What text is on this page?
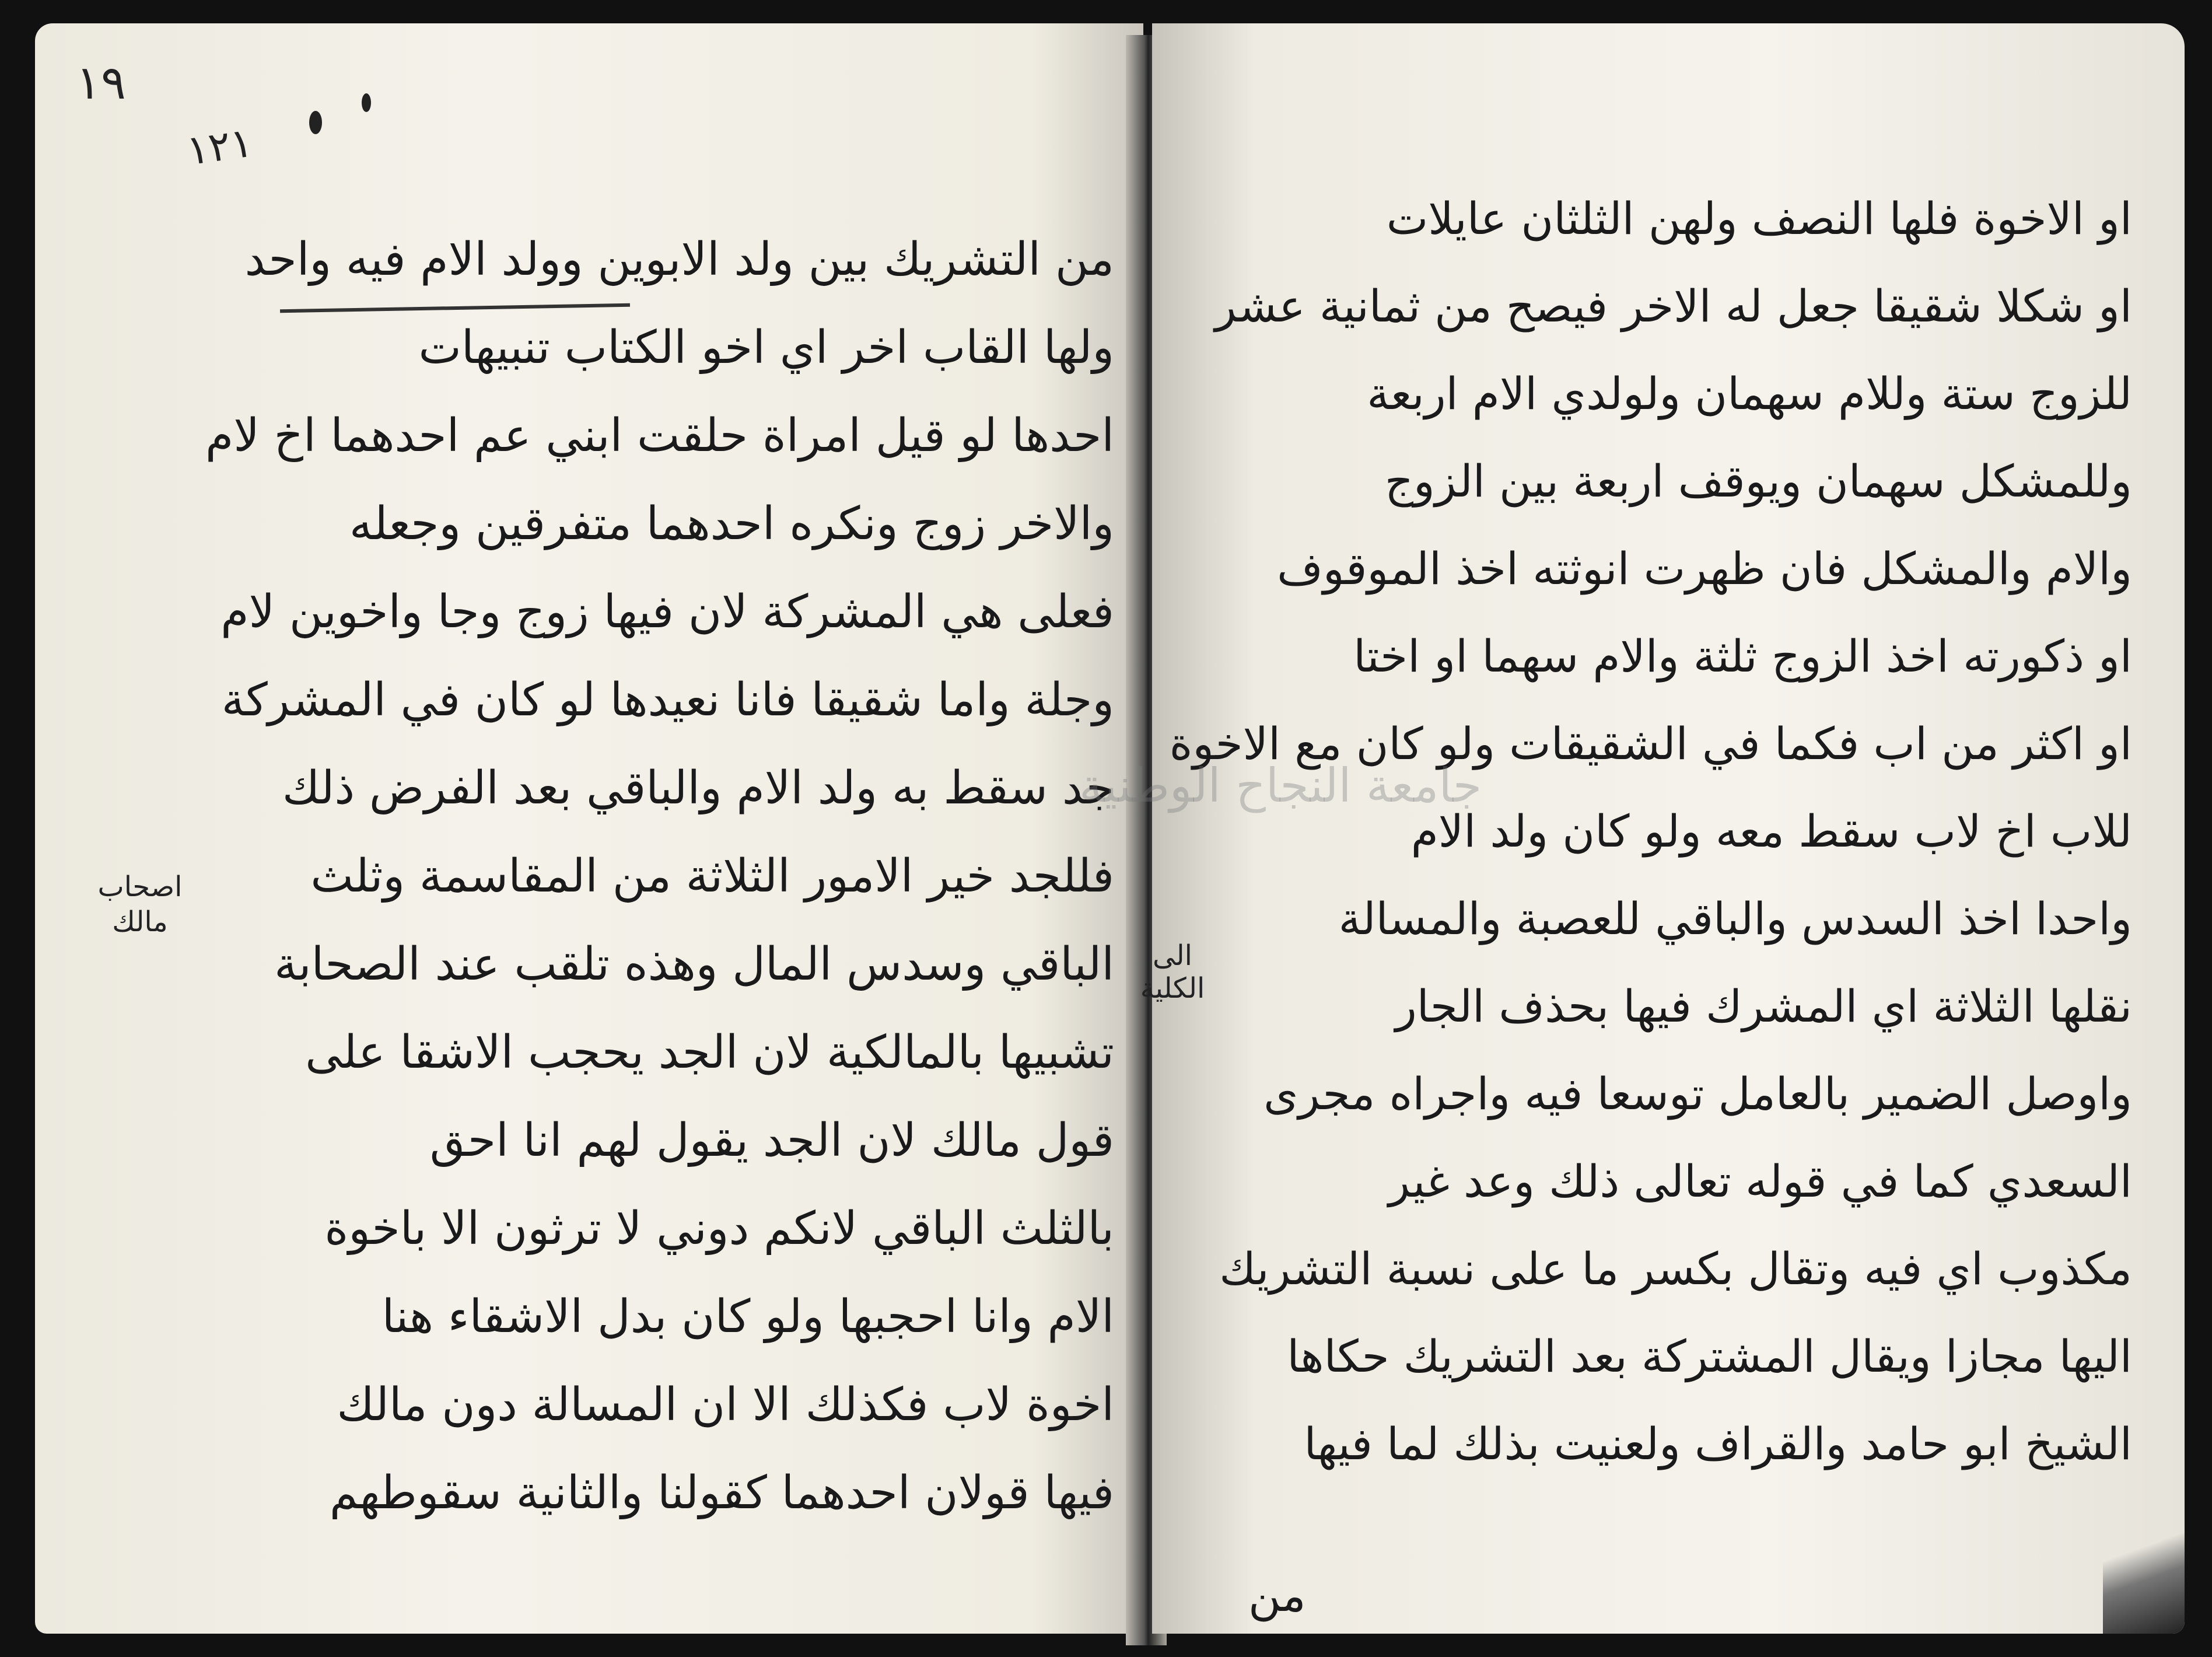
١٩
١٢١
من التشريك بين ولد الابوين وولد الام فيه واحد
ولها القاب اخر اي اخو الكتاب تنبيهات
احدها لو قيل امراة حلقت ابني عم احدهما اخ لام
والاخر زوج ونكره احدهما متفرقين وجعله
فعلى هي المشركة لان فيها زوج وجا واخوين لام
وجلة واما شقيقا فانا نعيدها لو كان في المشركة
جد سقط به ولد الام والباقي بعد الفرض ذلك
فللجد خير الامور الثلاثة من المقاسمة وثلث
الباقي وسدس المال وهذه تلقب عند الصحابة
تشبيها بالمالكية لان الجد يحجب الاشقا على
قول مالك لان الجد يقول لهم انا احق
بالثلث الباقي لانكم دوني لا ترثون الا باخوة
الام وانا احجبها ولو كان بدل الاشقاء هنا
اخوة لاب فكذلك الا ان المسالة دون مالك
فيها قولان احدهما كقولنا والثانية سقوطهم
اصحاب مالك
او الاخوة فلها النصف ولهن الثلثان عايلات
او شكلا شقيقا جعل له الاخر فيصح من ثمانية عشر
للزوج ستة وللام سهمان ولولدي الام اربعة
وللمشكل سهمان ويوقف اربعة بين الزوج
والام والمشكل فان ظهرت انوثته اخذ الموقوف
او ذكورته اخذ الزوج ثلثة والام سهما او اختا
او اكثر من اب فكما في الشقيقات ولو كان مع الاخوة
للاب اخ لاب سقط معه ولو كان ولد الام
واحدا اخذ السدس والباقي للعصبة والمسالة
نقلها الثلاثة اي المشرك فيها بحذف الجار
واوصل الضمير بالعامل توسعا فيه واجراه مجرى
السعدي كما في قوله تعالى ذلك وعد غير
مكذوب اي فيه وتقال بكسر ما على نسبة التشريك
اليها مجازا ويقال المشتركة بعد التشريك حكاها
الشيخ ابو حامد والقراف ولعنيت بذلك لما فيها
من
جامعة النجاح الوطنية
الی
الکلیة
